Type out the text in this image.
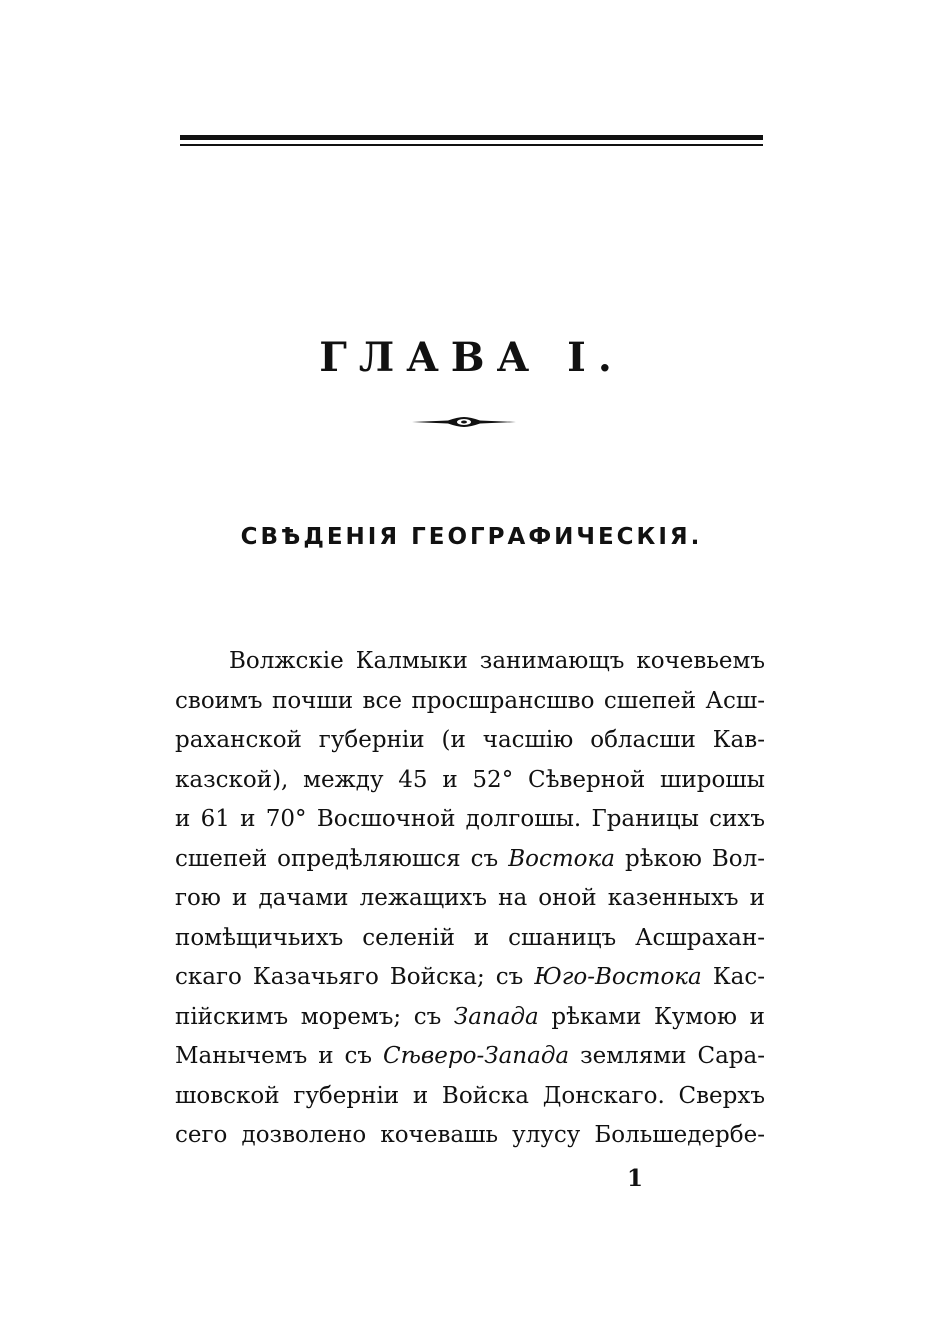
ГЛАВА I.
СВѢДЕНІЯ ГЕОГРАФИЧЕСКІЯ.
Волжскіе Калмыки занимающъ кочевьемъ
своимъ почши все просшрансшво сшепей Асш-
раханской губерніи (и часшію обласши Кав-
казской), между 45 и 52° Сѣверной широшы
и 61 и 70° Восшочной долгошы. Границы сихъ
сшепей опредѣляюшся съ Востока рѣкою Вол-
гою и дачами лежащихъ на оной казенныхъ и
помѣщичьихъ селеній и сшаницъ Асшрахан-
скаго Казачьяго Войска; съ Юго-Востока Кас-
пійскимъ моремъ; съ Запада рѣками Кумою и
Манычемъ и съ Сѣверо-Запада землями Сара-
шовской губерніи и Войска Донскаго. Сверхъ
сего дозволено кочевашь улусу Большедербе-
1
